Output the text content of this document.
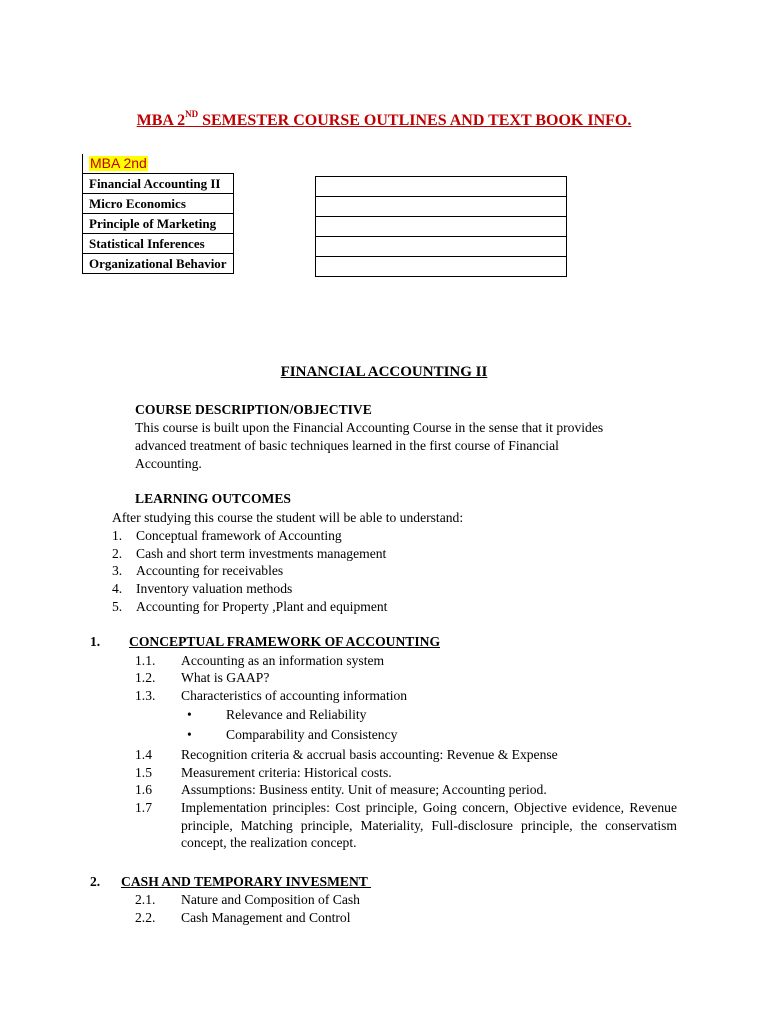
MBA 2ND SEMESTER COURSE OUTLINES AND TEXT BOOK INFO.
MBA 2nd
Financial Accounting II
Micro Economics
Principle of Marketing
Statistical Inferences
Organizational Behavior

FINANCIAL ACCOUNTING II
COURSE DESCRIPTION/OBJECTIVE
This course is built upon the Financial Accounting Course in the sense that it provides
advanced treatment of basic techniques learned in the first course of Financial
Accounting.
LEARNING OUTCOMES
After studying this course the student will be able to understand:
1. Conceptual framework of Accounting
2. Cash and short term investments management
3. Accounting for receivables
4. Inventory valuation methods
5. Accounting for Property ,Plant and equipment
1. CONCEPTUAL FRAMEWORK OF ACCOUNTING
1.1.	Accounting as an information system
1.2.	What is GAAP?
1.3.	Characteristics of accounting information
•	Relevance and Reliability
•	Comparability and Consistency
1.4	Recognition criteria & accrual basis accounting: Revenue & Expense
1.5	Measurement criteria: Historical costs.
1.6	Assumptions: Business entity. Unit of measure; Accounting period.
1.7	Implementation principles: Cost principle, Going concern, Objective evidence, Revenue principle, Matching principle, Materiality, Full-disclosure principle, the conservatism concept, the realization concept.
2. CASH AND TEMPORARY INVESMENT
2.1.	Nature and Composition of Cash
2.2.	Cash Management and Control
